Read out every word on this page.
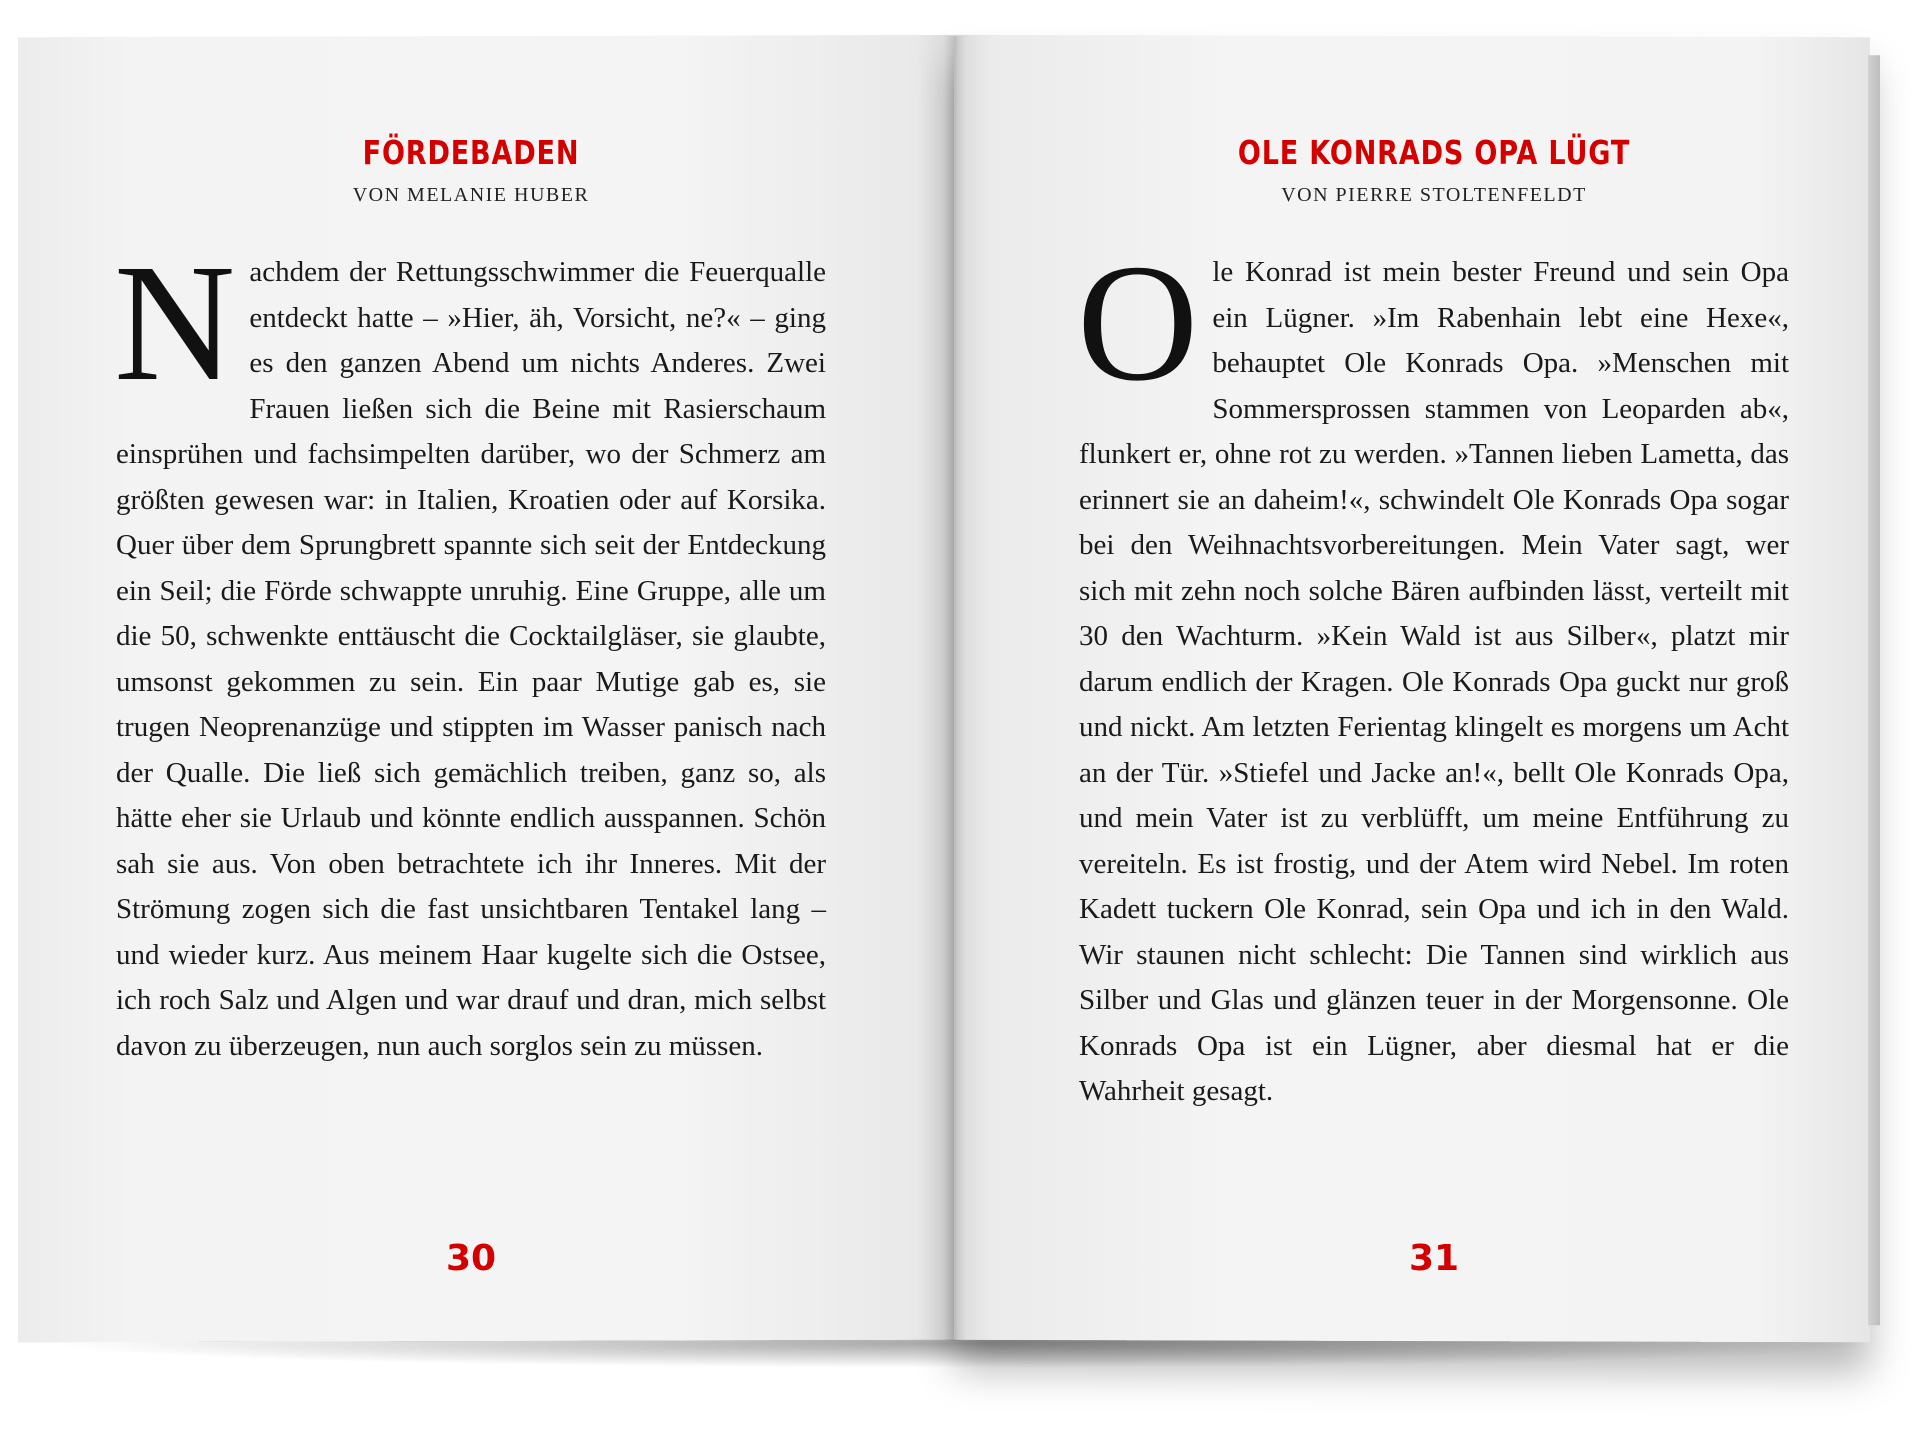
FÖRDEBADEN
VON MELANIE HUBER
Nachdem der Rettungsschwimmer die Feuerqualle entdeckt hatte – »Hier, äh, Vorsicht, ne?« – ging es den ganzen Abend um nichts Anderes. Zwei Frauen ließen sich die Beine mit Rasierschaum einsprühen und fachsimpelten darüber, wo der Schmerz am größten gewesen war: in Italien, Kroatien oder auf Korsika. Quer über dem Sprungbrett spannte sich seit der Entdeckung ein Seil; die Förde schwappte unruhig. Eine Gruppe, alle um die 50, schwenkte enttäuscht die Cocktailgläser, sie glaubte, umsonst gekommen zu sein. Ein paar Mutige gab es, sie trugen Neoprenanzüge und stippten im Wasser panisch nach der Qualle. Die ließ sich gemächlich treiben, ganz so, als hätte eher sie Urlaub und könnte endlich ausspannen. Schön sah sie aus. Von oben betrachtete ich ihr Inneres. Mit der Strömung zogen sich die fast unsichtbaren Tentakel lang – und wieder kurz. Aus meinem Haar kugelte sich die Ostsee, ich roch Salz und Algen und war drauf und dran, mich selbst davon zu überzeugen, nun auch sorglos sein zu müssen.
30
OLE KONRADS OPA LÜGT
VON PIERRE STOLTENFELDT
Ole Konrad ist mein bester Freund und sein Opa ein Lügner. »Im Rabenhain lebt eine Hexe«, behauptet Ole Konrads Opa. »Menschen mit Sommersprossen stammen von Leoparden ab«, flunkert er, ohne rot zu werden. »Tannen lieben Lametta, das erinnert sie an daheim!«, schwindelt Ole Konrads Opa sogar bei den Weihnachtsvorbereitungen. Mein Vater sagt, wer sich mit zehn noch solche Bären aufbinden lässt, verteilt mit 30 den Wachturm. »Kein Wald ist aus Silber«, platzt mir darum endlich der Kragen. Ole Konrads Opa guckt nur groß und nickt. Am letzten Ferientag klingelt es morgens um Acht an der Tür. »Stiefel und Jacke an!«, bellt Ole Konrads Opa, und mein Vater ist zu verblüfft, um meine Entführung zu vereiteln. Es ist frostig, und der Atem wird Nebel. Im roten Kadett tuckern Ole Konrad, sein Opa und ich in den Wald. Wir staunen nicht schlecht: Die Tannen sind wirklich aus Silber und Glas und glänzen teuer in der Morgensonne. Ole Konrads Opa ist ein Lügner, aber diesmal hat er die Wahrheit gesagt.
31
